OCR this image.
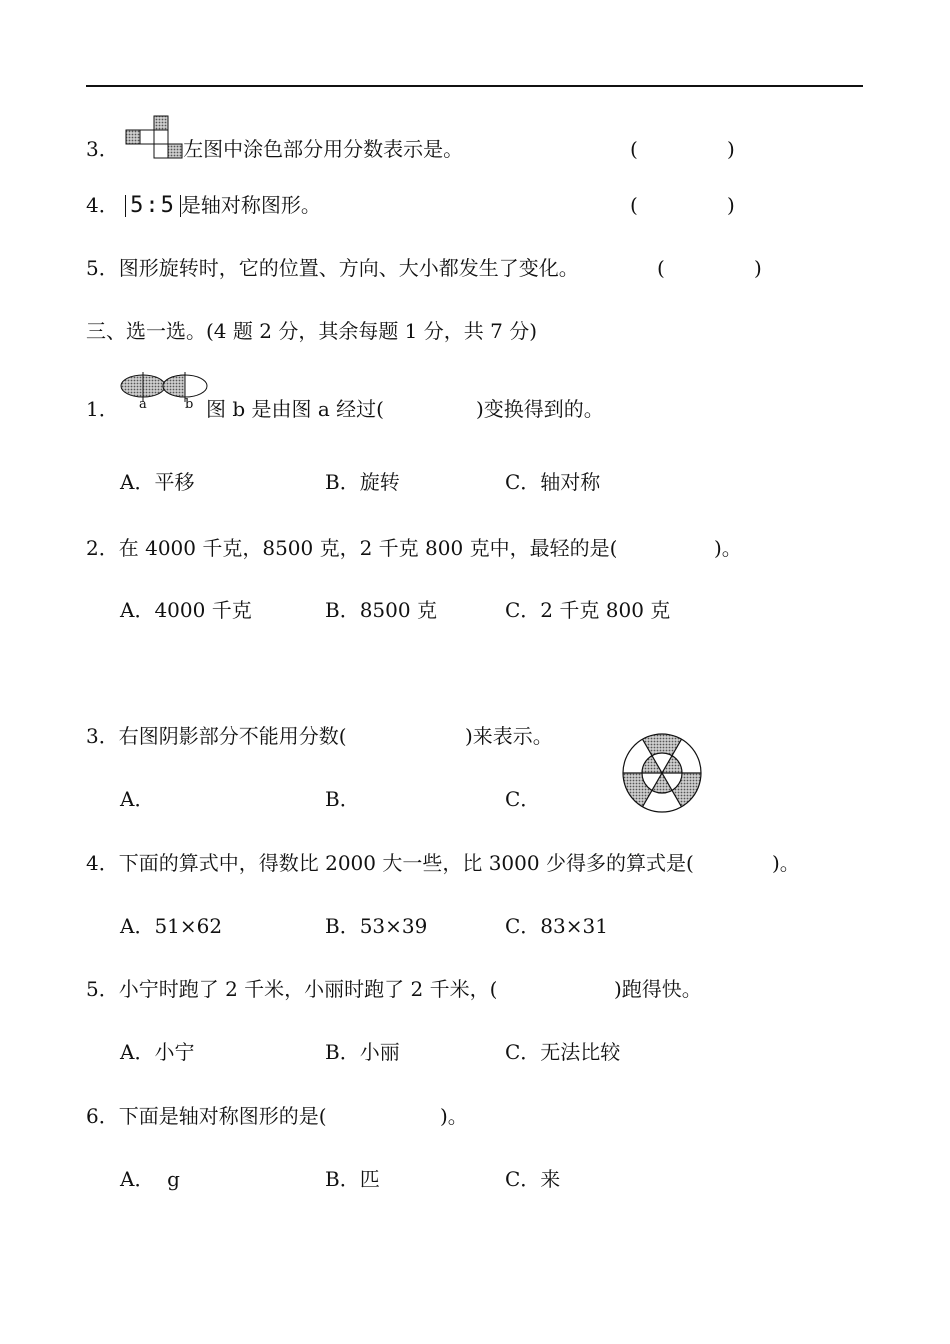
3．	左图中涂色部分用分数表示是。	(	)
4． 5:5 是轴对称图形。	(	)
5．图形旋转时，它的位置、方向、大小都发生了变化。	(	)
三、选一选。(4 题 2 分，其余每题 1 分，共 7 分)
1． a	b 图 b 是由图 a 经过(	)变换得到的。
A．平移	B．旋转	C．轴对称
2．在 4000 千克，8500 克，2 千克 800 克中，最轻的是(	)。
A．4000 千克	B．8500 克	C．2 千克 800 克
3．右图阴影部分不能用分数(	)来表示。
A．	B．	C．
4．下面的算式中，得数比 2000 大一些，比 3000 少得多的算式是(	)。
A．51×62	B．53×39	C．83×31
5．小宁时跑了 2 千米，小丽时跑了 2 千米，(	)跑得快。
A．小宁	B．小丽	C．无法比较
6．下面是轴对称图形的是(	)。
A．  g	B．匹	C．来
